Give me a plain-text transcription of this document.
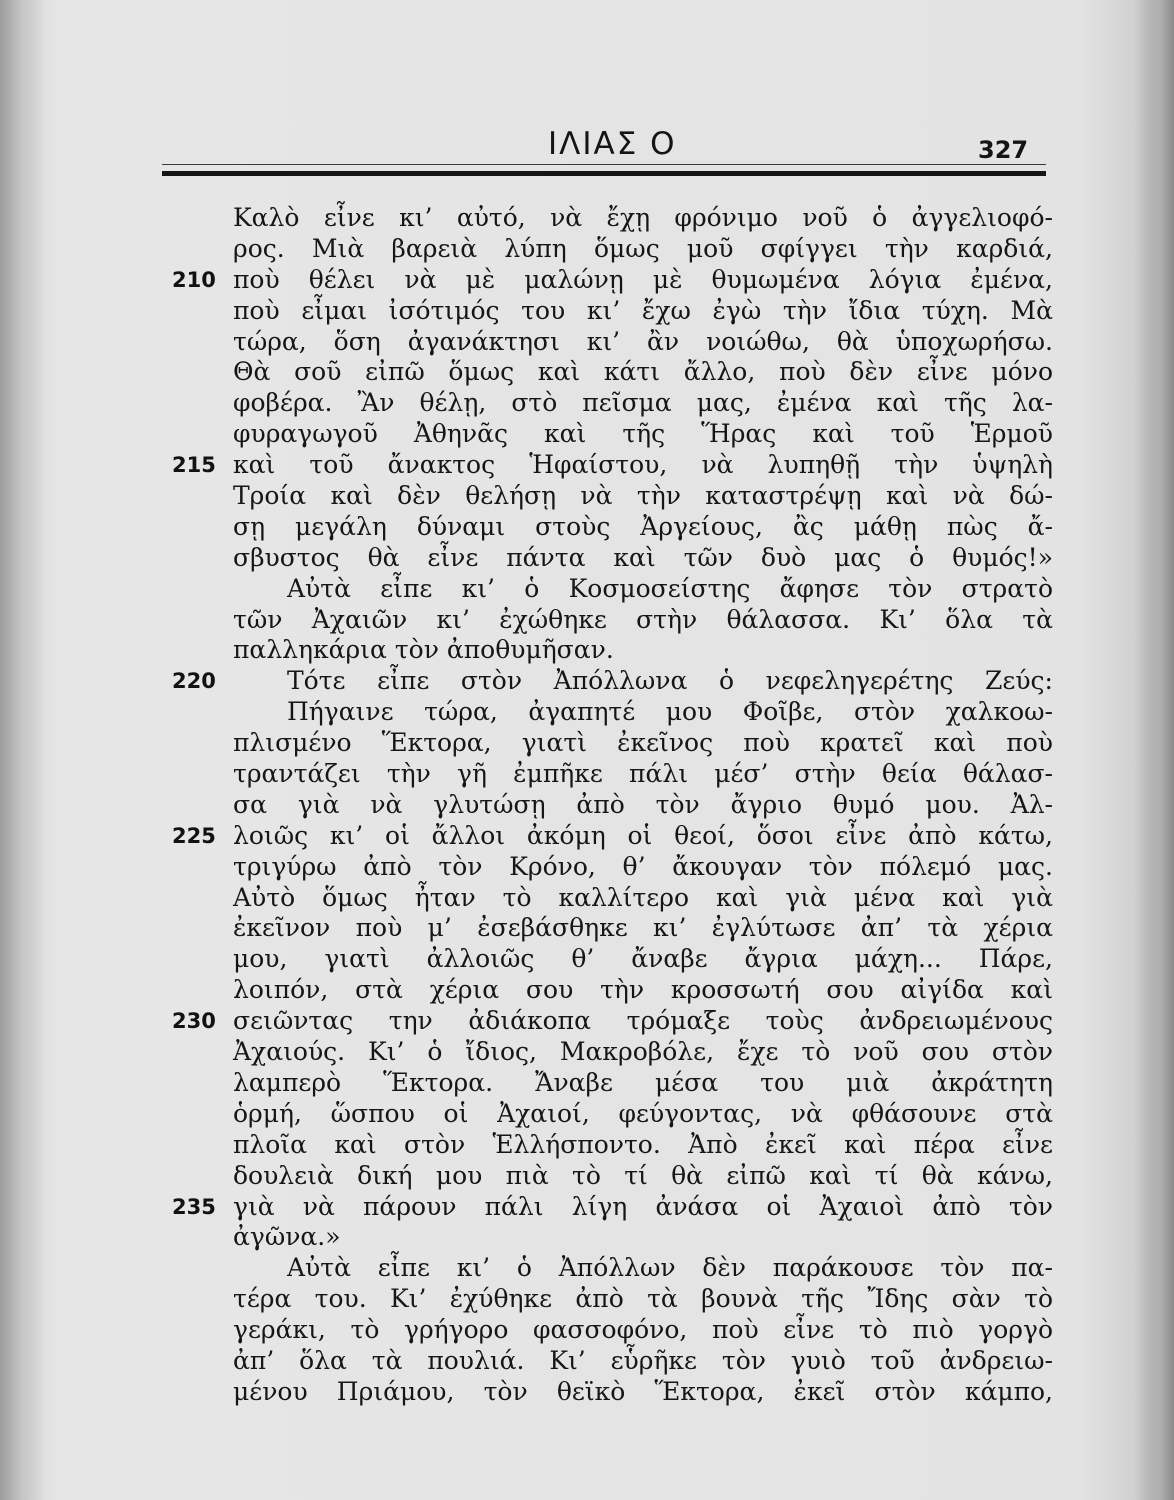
ΙΛΙΑΣ Ο	327
Καλὸ εἶνε κι’ αὐτό, νὰ ἔχῃ φρόνιμο νοῦ ὁ ἀγγελιοφό-
ρος. Μιὰ βαρειὰ λύπη ὅμως μοῦ σφίγγει τὴν καρδιά,
210 ποὺ θέλει νὰ μὲ μαλώνῃ μὲ θυμωμένα λόγια ἐμένα,
ποὺ εἶμαι ἰσότιμός του κι’ ἔχω ἐγὼ τὴν ἴδια τύχη. Μὰ
τώρα, ὅση ἀγανάκτησι κι’ ἂν νοιώθω, θὰ ὑποχωρήσω.
Θὰ σοῦ εἰπῶ ὅμως καὶ κάτι ἄλλο, ποὺ δὲν εἶνε μόνο
φοβέρα. Ἂν θέλῃ, στὸ πεῖσμα μας, ἐμένα καὶ τῆς λα-
φυραγωγοῦ Ἀθηνᾶς καὶ τῆς Ἥρας καὶ τοῦ Ἑρμοῦ
215 καὶ τοῦ ἄνακτος Ἡφαίστου, νὰ λυπηθῇ τὴν ὑψηλὴ
Τροία καὶ δὲν θελήσῃ νὰ τὴν καταστρέψῃ καὶ νὰ δώ-
σῃ μεγάλη δύναμι στοὺς Ἀργείους, ἂς μάθῃ πὼς ἄ-
σβυστος θὰ εἶνε πάντα καὶ τῶν δυὸ μας ὁ θυμός!»
Αὐτὰ εἶπε κι’ ὁ Κοσμοσείστης ἄφησε τὸν στρατὸ
τῶν Ἀχαιῶν κι’ ἐχώθηκε στὴν θάλασσα. Κι’ ὅλα τὰ
παλληκάρια τὸν ἀποθυμῆσαν.
220	Τότε εἶπε στὸν Ἀπόλλωνα ὁ νεφεληγερέτης Ζεύς:
Πήγαινε τώρα, ἀγαπητέ μου Φοῖβε, στὸν χαλκοω-
πλισμένο Ἕκτορα, γιατὶ ἐκεῖνος ποὺ κρατεῖ καὶ ποὺ
τραντάζει τὴν γῆ ἐμπῆκε πάλι μέσ’ στὴν θεία θάλασ-
σα γιὰ νὰ γλυτώσῃ ἀπὸ τὸν ἄγριο θυμό μου. Ἀλ-
225 λοιῶς κι’ οἱ ἄλλοι ἀκόμη οἱ θεοί, ὅσοι εἶνε ἀπὸ κάτω,
τριγύρω ἀπὸ τὸν Κρόνο, θ’ ἄκουγαν τὸν πόλεμό μας.
Αὐτὸ ὅμως ἦταν τὸ καλλίτερο καὶ γιὰ μένα καὶ γιὰ
ἐκεῖνον ποὺ μ’ ἐσεβάσθηκε κι’ ἐγλύτωσε ἀπ’ τὰ χέρια
μου, γιατὶ ἀλλοιῶς θ’ ἄναβε ἄγρια μάχη... Πάρε,
λοιπόν, στὰ χέρια σου τὴν κροσσωτή σου αἰγίδα καὶ
230 σειῶντας την ἀδιάκοπα τρόμαξε τοὺς ἀνδρειωμένους
Ἀχαιούς. Κι’ ὁ ἴδιος, Μακροβόλε, ἔχε τὸ νοῦ σου στὸν
λαμπερὸ Ἕκτορα. Ἄναβε μέσα του μιὰ ἀκράτητη
ὁρμή, ὥσπου οἱ Ἀχαιοί, φεύγοντας, νὰ φθάσουνε στὰ
πλοῖα καὶ στὸν Ἑλλήσποντο. Ἀπὸ ἐκεῖ καὶ πέρα εἶνε
δουλειὰ δική μου πιὰ τὸ τί θὰ εἰπῶ καὶ τί θὰ κάνω,
235 γιὰ νὰ πάρουν πάλι λίγη ἀνάσα οἱ Ἀχαιοὶ ἀπὸ τὸν
ἀγῶνα.»
Αὐτὰ εἶπε κι’ ὁ Ἀπόλλων δὲν παράκουσε τὸν πα-
τέρα του. Κι’ ἐχύθηκε ἀπὸ τὰ βουνὰ τῆς Ἴδης σὰν τὸ
γεράκι, τὸ γρήγορο φασσοφόνο, ποὺ εἶνε τὸ πιὸ γοργὸ
ἀπ’ ὅλα τὰ πουλιά. Κι’ εὗρῆκε τὸν γυιὸ τοῦ ἀνδρειω-
μένου Πριάμου, τὸν θεϊκὸ Ἕκτορα, ἐκεῖ στὸν κάμπο,
